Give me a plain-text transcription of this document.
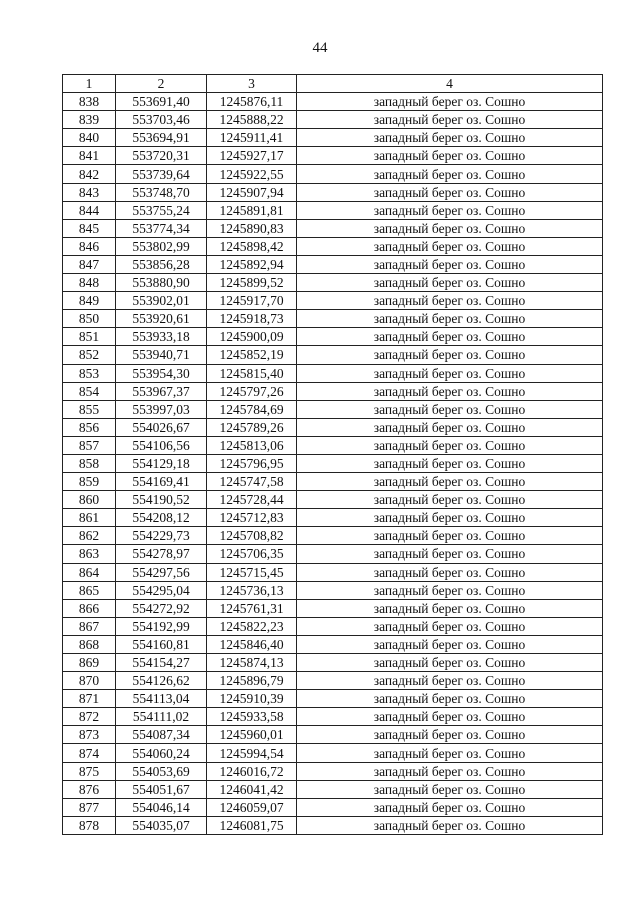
44
1	2	3	4
838	553691,40	1245876,11	западный берег оз. Сошно
839	553703,46	1245888,22	западный берег оз. Сошно
840	553694,91	1245911,41	западный берег оз. Сошно
841	553720,31	1245927,17	западный берег оз. Сошно
842	553739,64	1245922,55	западный берег оз. Сошно
843	553748,70	1245907,94	западный берег оз. Сошно
844	553755,24	1245891,81	западный берег оз. Сошно
845	553774,34	1245890,83	западный берег оз. Сошно
846	553802,99	1245898,42	западный берег оз. Сошно
847	553856,28	1245892,94	западный берег оз. Сошно
848	553880,90	1245899,52	западный берег оз. Сошно
849	553902,01	1245917,70	западный берег оз. Сошно
850	553920,61	1245918,73	западный берег оз. Сошно
851	553933,18	1245900,09	западный берег оз. Сошно
852	553940,71	1245852,19	западный берег оз. Сошно
853	553954,30	1245815,40	западный берег оз. Сошно
854	553967,37	1245797,26	западный берег оз. Сошно
855	553997,03	1245784,69	западный берег оз. Сошно
856	554026,67	1245789,26	западный берег оз. Сошно
857	554106,56	1245813,06	западный берег оз. Сошно
858	554129,18	1245796,95	западный берег оз. Сошно
859	554169,41	1245747,58	западный берег оз. Сошно
860	554190,52	1245728,44	западный берег оз. Сошно
861	554208,12	1245712,83	западный берег оз. Сошно
862	554229,73	1245708,82	западный берег оз. Сошно
863	554278,97	1245706,35	западный берег оз. Сошно
864	554297,56	1245715,45	западный берег оз. Сошно
865	554295,04	1245736,13	западный берег оз. Сошно
866	554272,92	1245761,31	западный берег оз. Сошно
867	554192,99	1245822,23	западный берег оз. Сошно
868	554160,81	1245846,40	западный берег оз. Сошно
869	554154,27	1245874,13	западный берег оз. Сошно
870	554126,62	1245896,79	западный берег оз. Сошно
871	554113,04	1245910,39	западный берег оз. Сошно
872	554111,02	1245933,58	западный берег оз. Сошно
873	554087,34	1245960,01	западный берег оз. Сошно
874	554060,24	1245994,54	западный берег оз. Сошно
875	554053,69	1246016,72	западный берег оз. Сошно
876	554051,67	1246041,42	западный берег оз. Сошно
877	554046,14	1246059,07	западный берег оз. Сошно
878	554035,07	1246081,75	западный берег оз. Сошно
